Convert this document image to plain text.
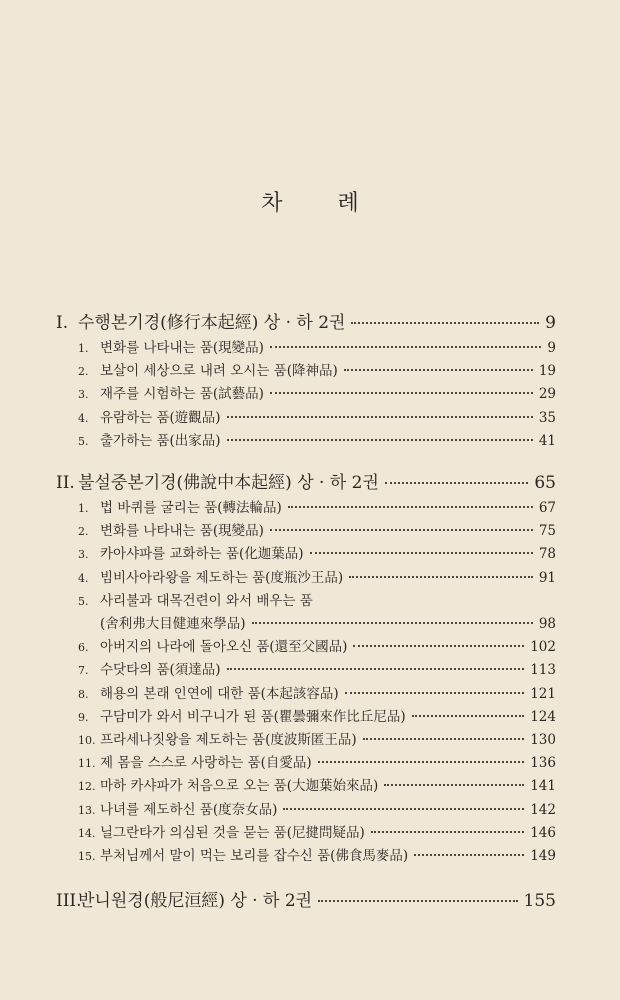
차 례
I. 수행본기경(修行本起經) 상 · 하 2권	9
1. 변화를 나타내는 품(現變品)	9
2. 보살이 세상으로 내려 오시는 품(降神品)	19
3. 재주를 시험하는 품(試藝品)	29
4. 유람하는 품(遊觀品)	35
5. 출가하는 품(出家品)	41
II. 불설중본기경(佛說中本起經) 상 · 하 2권	65
1. 법 바퀴를 굴리는 품(轉法輪品)	67
2. 변화를 나타내는 품(現變品)	75
3. 카아샤파를 교화하는 품(化迦葉品)	78
4. 빔비사아라왕을 제도하는 품(度瓶沙王品)	91
5. 사리불과 대목건련이 와서 배우는 품
(舍利弗大目健連來學品)	98
6. 아버지의 나라에 돌아오신 품(還至父國品)	102
7. 수닷타의 품(須達品)	113
8. 해용의 본래 인연에 대한 품(本起該容品)	121
9. 구담미가 와서 비구니가 된 품(瞿曇彌來作比丘尼品)	124
10. 프라세나짓왕을 제도하는 품(度波斯匿王品)	130
11. 제 몸을 스스로 사랑하는 품(自愛品)	136
12. 마하 카샤파가 처음으로 오는 품(大迦葉始來品)	141
13. 나녀를 제도하신 품(度奈女品)	142
14. 닐그란타가 의심된 것을 묻는 품(尼揵問疑品)	146
15. 부처님께서 말이 먹는 보리를 잡수신 품(佛食馬麥品)	149
III.반니원경(般尼洹經) 상 · 하 2권	155
